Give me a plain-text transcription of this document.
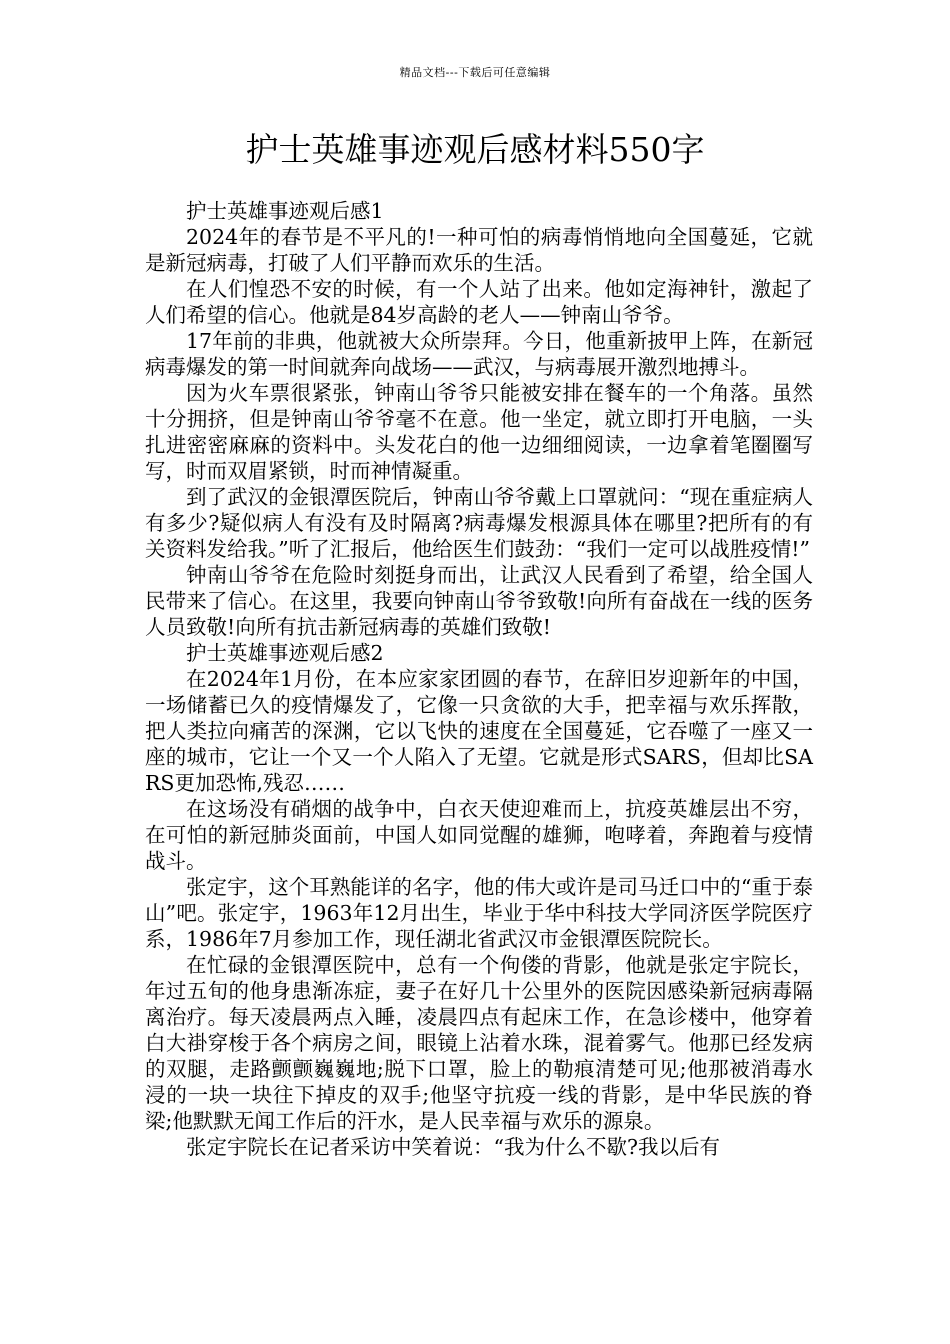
精品文档---下载后可任意编辑
护士英雄事迹观后感材料550字

护士英雄事迹观后感1

2024年的春节是不平凡的!一种可怕的病毒悄悄地向全国蔓延，它就是新冠病毒，打破了人们平静而欢乐的生活。

在人们惶恐不安的时候，有一个人站了出来。他如定海神针，激起了人们希望的信心。他就是84岁高龄的老人——钟南山爷爷。

17年前的非典，他就被大众所崇拜。今日，他重新披甲上阵，在新冠病毒爆发的第一时间就奔向战场——武汉，与病毒展开激烈地搏斗。

因为火车票很紧张，钟南山爷爷只能被安排在餐车的一个角落。虽然十分拥挤，但是钟南山爷爷毫不在意。他一坐定，就立即打开电脑，一头扎进密密麻麻的资料中。头发花白的他一边细细阅读，一边拿着笔圈圈写写，时而双眉紧锁，时而神情凝重。

到了武汉的金银潭医院后，钟南山爷爷戴上口罩就问：“现在重症病人有多少?疑似病人有没有及时隔离?病毒爆发根源具体在哪里?把所有的有关资料发给我。”听了汇报后，他给医生们鼓劲：“我们一定可以战胜疫情!”

钟南山爷爷在危险时刻挺身而出，让武汉人民看到了希望，给全国人民带来了信心。在这里，我要向钟南山爷爷致敬!向所有奋战在一线的医务人员致敬!向所有抗击新冠病毒的英雄们致敬!

护士英雄事迹观后感2

在2024年1月份，在本应家家团圆的春节，在辞旧岁迎新年的中国，一场储蓄已久的疫情爆发了，它像一只贪欲的大手，把幸福与欢乐挥散，把人类拉向痛苦的深渊，它以飞快的速度在全国蔓延，它吞噬了一座又一座的城市，它让一个又一个人陷入了无望。它就是形式SARS，但却比SARS更加恐怖,残忍……

在这场没有硝烟的战争中，白衣天使迎难而上，抗疫英雄层出不穷，在可怕的新冠肺炎面前，中国人如同觉醒的雄狮，咆哮着，奔跑着与疫情战斗。

张定宇，这个耳熟能详的名字，他的伟大或许是司马迁口中的“重于泰山”吧。张定宇，1963年12月出生，毕业于华中科技大学同济医学院医疗系，1986年7月参加工作，现任湖北省武汉市金银潭医院院长。

在忙碌的金银潭医院中，总有一个佝偻的背影，他就是张定宇院长，年过五旬的他身患渐冻症，妻子在好几十公里外的医院因感染新冠病毒隔离治疗。每天凌晨两点入睡，凌晨四点有起床工作，在急诊楼中，他穿着白大褂穿梭于各个病房之间，眼镜上沾着水珠，混着雾气。他那已经发病的双腿，走路颤颤巍巍地;脱下口罩，脸上的勒痕清楚可见;他那被消毒水浸的一块一块往下掉皮的双手;他坚守抗疫一线的背影，是中华民族的脊梁;他默默无闻工作后的汗水，是人民幸福与欢乐的源泉。

张定宇院长在记者采访中笑着说：“我为什么不歇?我以后有
